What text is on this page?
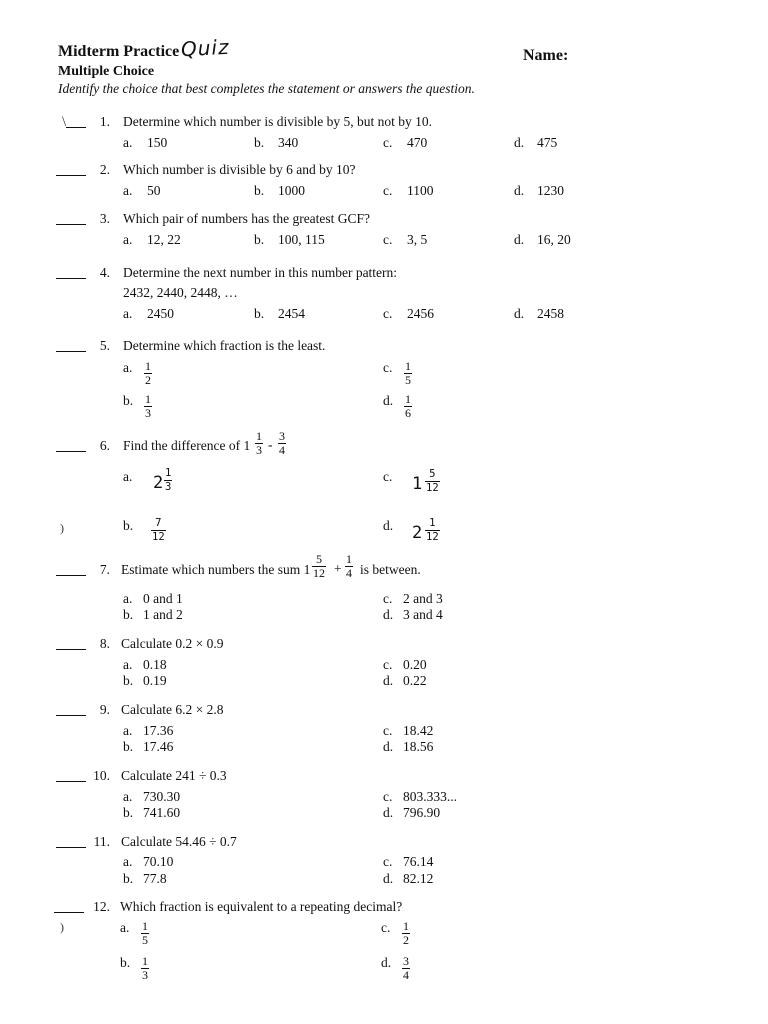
Midterm Practice Quiz	Name:
Multiple Choice
Identify the choice that best completes the statement or answers the question.
\	1. Determine which number is divisible by 5, but not by 10.
a. 150	b. 340	c. 470	d. 475
2. Which number is divisible by 6 and by 10?
a. 50	b. 1000	c. 1100	d. 1230
3. Which pair of numbers has the greatest GCF?
a. 12, 22	b. 100, 115	c. 3, 5	d. 16, 20
4. Determine the next number in this number pattern:
2432, 2440, 2448, …
a. 2450	b. 2454	c. 2456	d. 2458
5. Determine which fraction is the least.
a. $\frac{1}{2}$
b. $\frac{1}{3}$
c. $\frac{1}{5}$
d. $\frac{1}{6}$
6. Find the difference of $1 \frac{1}{3} - \frac{3}{4}$
a. $2 \frac{1}{3}$	c. $1 \frac{5}{12}$
)	b. $\frac{7}{12}$	d. $2 \frac{1}{12}$
7. Estimate which numbers the sum $1 \frac{5}{12} + \frac{1}{4}$ is between.
a. 0 and 1
b. 1 and 2
c. 2 and 3
d. 3 and 4
8. Calculate 0.2 × 0.9
a. 0.18
b. 0.19
c. 0.20
d. 0.22
9. Calculate 6.2 × 2.8
a. 17.36
b. 17.46
c. 18.42
d. 18.56
10. Calculate 241 ÷ 0.3
a. 730.30
b. 741.60
c. 803.333...
d. 796.90
11. Calculate 54.46 ÷ 0.7
a. 70.10
b. 77.8
c. 76.14
d. 82.12
12. Which fraction is equivalent to a repeating decimal?
)	a. $\frac{1}{5}$
b. $\frac{1}{3}$
c. $\frac{1}{2}$
d. $\frac{3}{4}$
